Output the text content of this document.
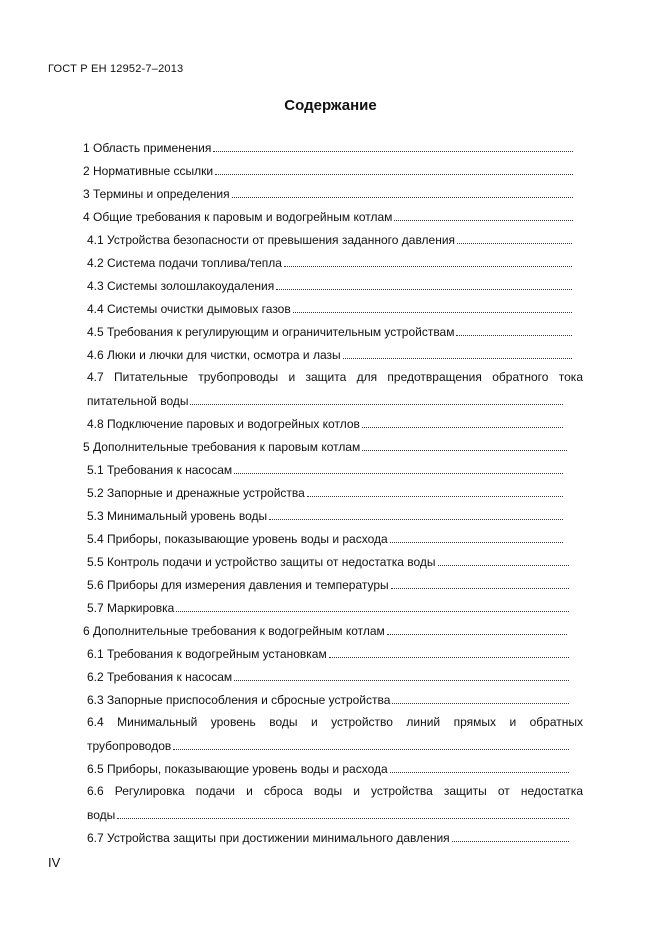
ГОСТ Р ЕН 12952-7–2013
Содержание
1 Область применения
2 Нормативные ссылки
3 Термины и определения
4 Общие требования к паровым и водогрейным котлам
4.1 Устройства безопасности от превышения заданного давления
4.2 Система подачи топлива/тепла
4.3 Системы золошлакоудаления
4.4 Системы очистки дымовых газов
4.5 Требования к регулирующим и ограничительным устройствам
4.6 Люки и лючки для чистки, осмотра и лазы
4.7 Питательные трубопроводы и защита для предотвращения обратного тока
питательной воды
4.8 Подключение паровых и водогрейных котлов
5 Дополнительные требования к паровым котлам
5.1 Требования к насосам
5.2 Запорные и дренажные устройства
5.3 Минимальный уровень воды
5.4 Приборы, показывающие уровень воды и расхода
5.5 Контроль подачи и устройство защиты от недостатка воды
5.6 Приборы для измерения давления и температуры
5.7 Маркировка
6 Дополнительные требования к водогрейным котлам
6.1 Требования к водогрейным установкам
6.2 Требования к насосам
6.3 Запорные приспособления и сбросные устройства
6.4 Минимальный уровень воды и устройство линий прямых и обратных
трубопроводов
6.5 Приборы, показывающие уровень воды и расхода
6.6 Регулировка подачи и сброса воды и устройства защиты от недостатка
воды
6.7 Устройства защиты при достижении минимального давления
IV
